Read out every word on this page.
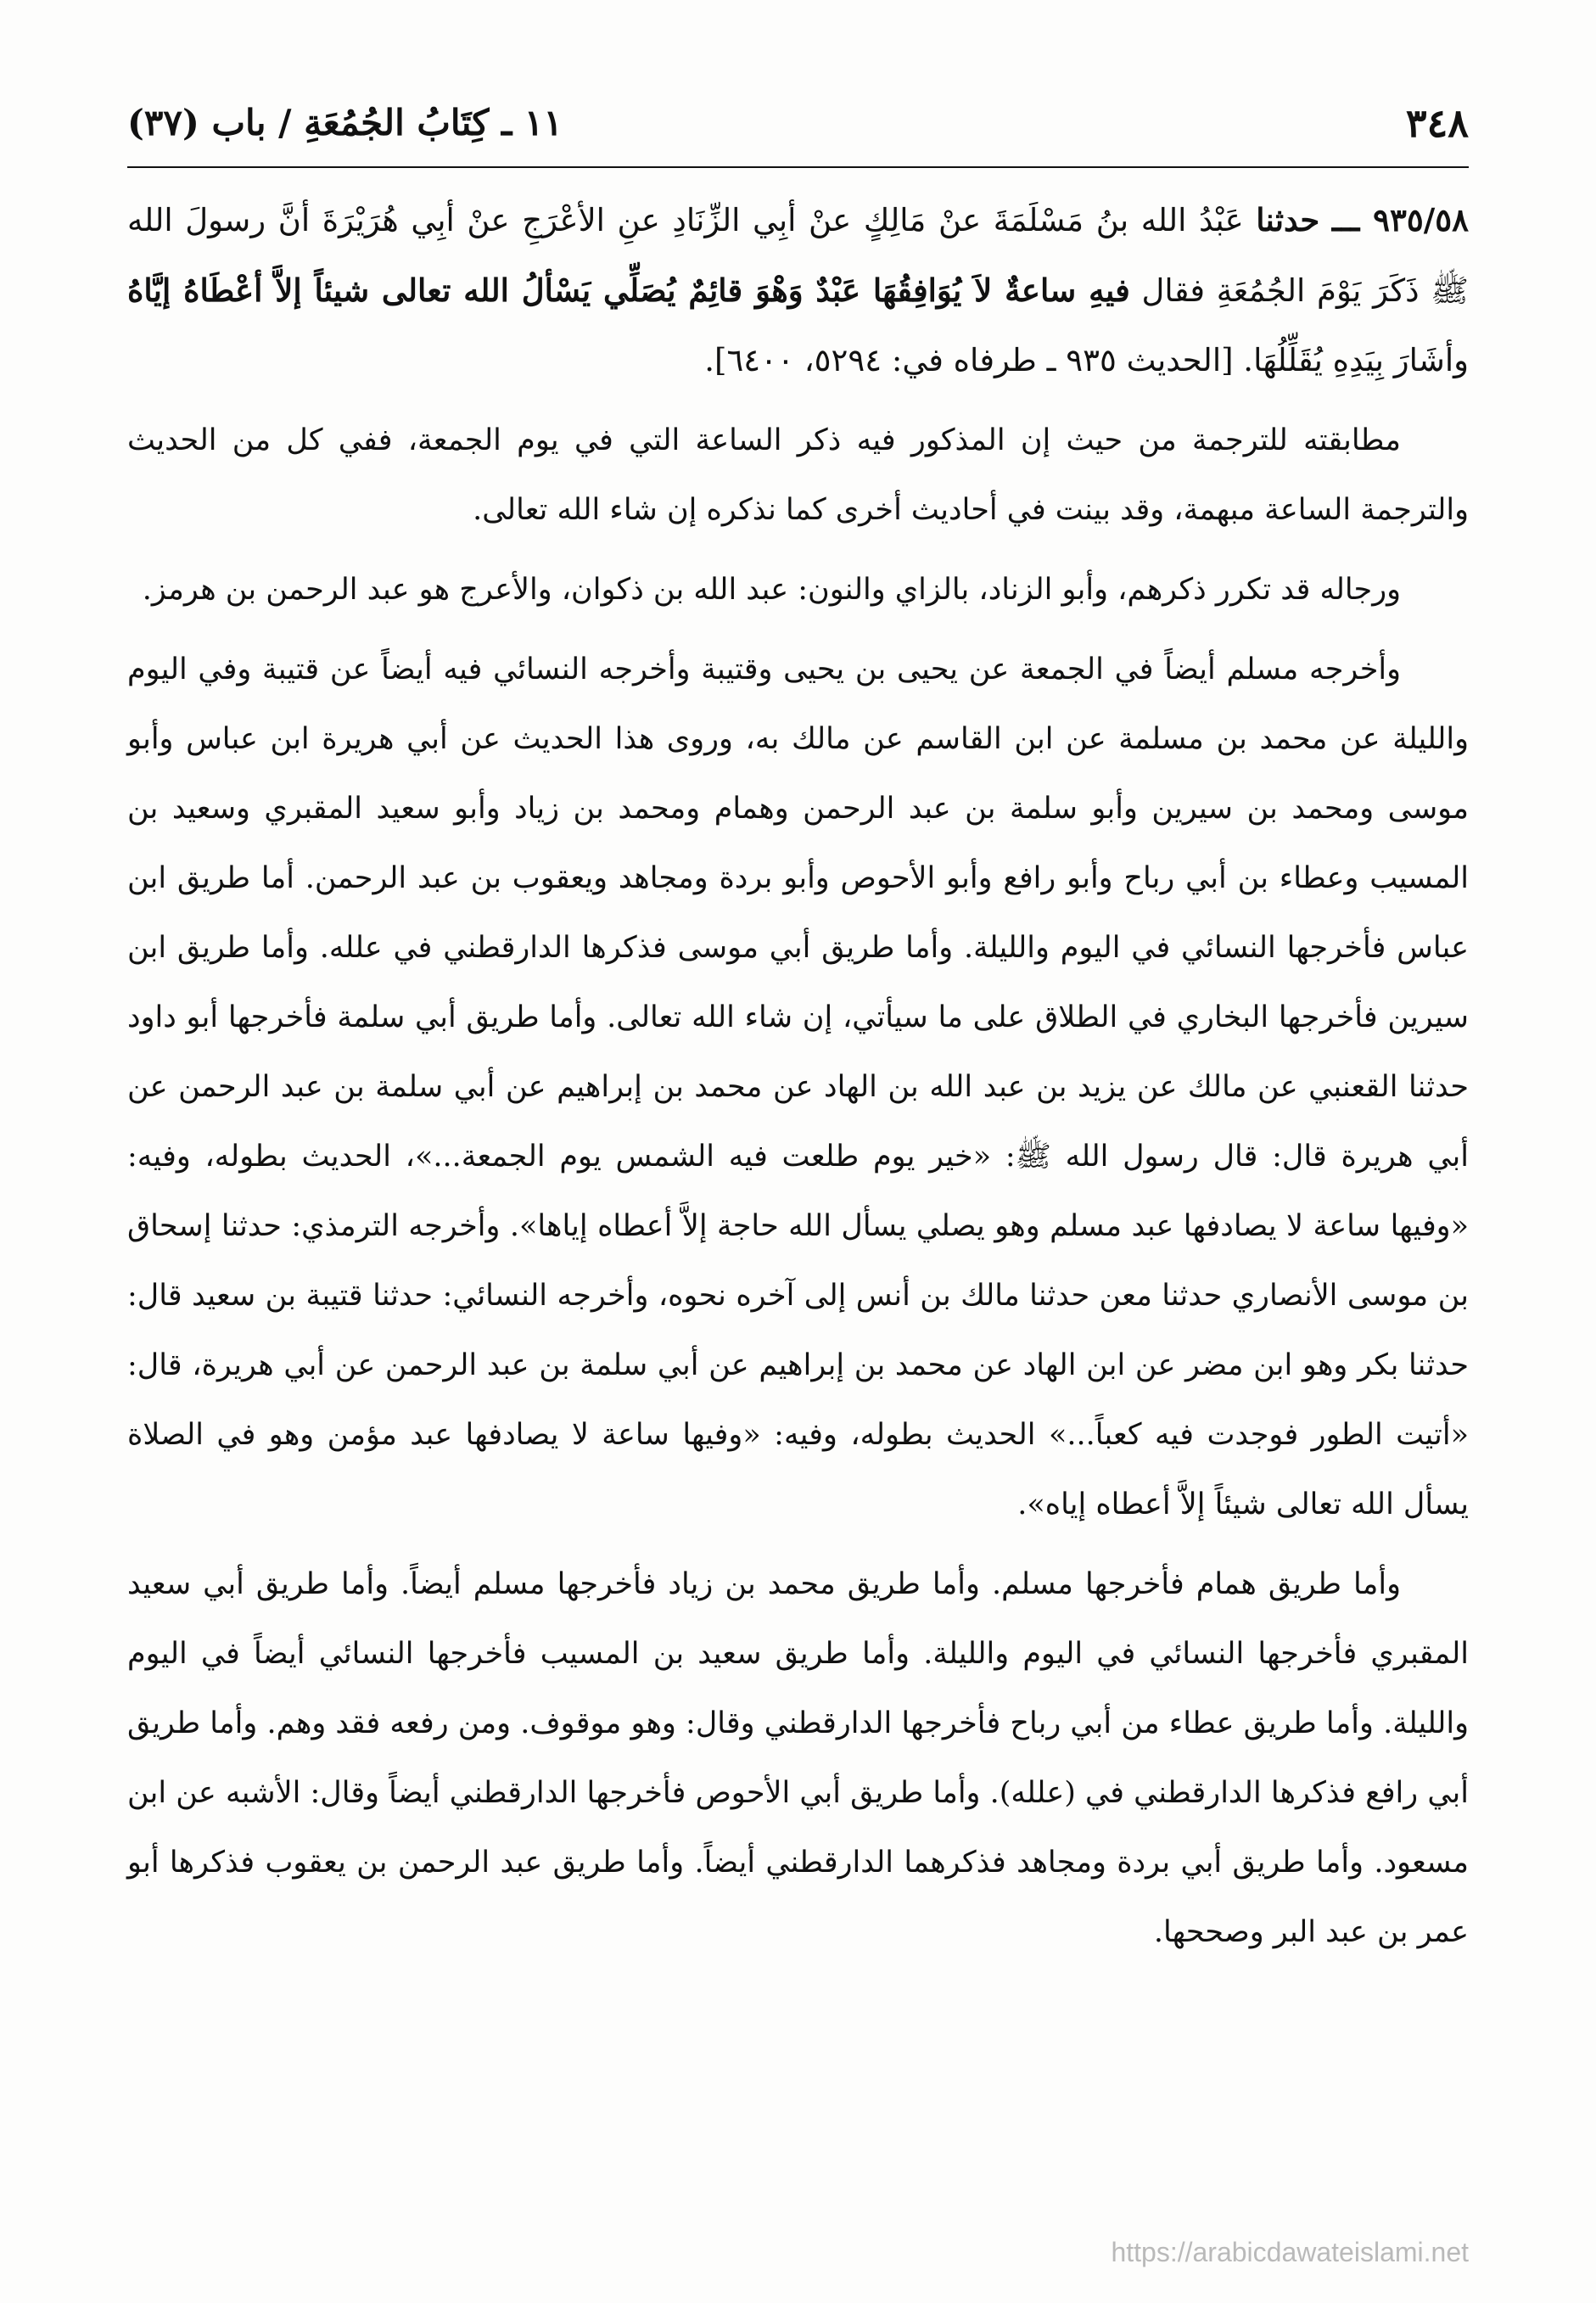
٣٤٨
١١ ـ كِتَابُ الجُمُعَةِ / باب (٣٧)

٩٣٥/٥٨ ـــ حدثنا عَبْدُ الله بنُ مَسْلَمَةَ عنْ مَالِكٍ عنْ أبِي الزِّنَادِ عنِ الأعْرَجِ عنْ أبِي هُرَيْرَةَ أنَّ رسولَ الله ﷺ ذَكَرَ يَوْمَ الجُمُعَةِ فقال فيهِ ساعةٌ لاَ يُوَافِقُهَا عَبْدٌ وَهْوَ قائِمٌ يُصَلِّي يَسْألُ الله تعالى شيئاً إلاَّ أعْطَاهُ إيَّاهُ وأشَارَ بِيَدِهِ يُقَلِّلُهَا. [الحديث ٩٣٥ ـ طرفاه في: ٥٢٩٤، ٦٤٠٠].

مطابقته للترجمة من حيث إن المذكور فيه ذكر الساعة التي في يوم الجمعة، ففي كل من الحديث والترجمة الساعة مبهمة، وقد بينت في أحاديث أخرى كما نذكره إن شاء الله تعالى.

ورجاله قد تكرر ذكرهم، وأبو الزناد، بالزاي والنون: عبد الله بن ذكوان، والأعرج هو عبد الرحمن بن هرمز.

وأخرجه مسلم أيضاً في الجمعة عن يحيى بن يحيى وقتيبة وأخرجه النسائي فيه أيضاً عن قتيبة وفي اليوم والليلة عن محمد بن مسلمة عن ابن القاسم عن مالك به، وروى هذا الحديث عن أبي هريرة ابن عباس وأبو موسى ومحمد بن سيرين وأبو سلمة بن عبد الرحمن وهمام ومحمد بن زياد وأبو سعيد المقبري وسعيد بن المسيب وعطاء بن أبي رباح وأبو رافع وأبو الأحوص وأبو بردة ومجاهد ويعقوب بن عبد الرحمن. أما طريق ابن عباس فأخرجها النسائي في اليوم والليلة. وأما طريق أبي موسى فذكرها الدارقطني في علله. وأما طريق ابن سيرين فأخرجها البخاري في الطلاق على ما سيأتي، إن شاء الله تعالى. وأما طريق أبي سلمة فأخرجها أبو داود حدثنا القعنبي عن مالك عن يزيد بن عبد الله بن الهاد عن محمد بن إبراهيم عن أبي سلمة بن عبد الرحمن عن أبي هريرة قال: قال رسول الله ﷺ: «خير يوم طلعت فيه الشمس يوم الجمعة...»، الحديث بطوله، وفيه: «وفيها ساعة لا يصادفها عبد مسلم وهو يصلي يسأل الله حاجة إلاَّ أعطاه إياها». وأخرجه الترمذي: حدثنا إسحاق بن موسى الأنصاري حدثنا معن حدثنا مالك بن أنس إلى آخره نحوه، وأخرجه النسائي: حدثنا قتيبة بن سعيد قال: حدثنا بكر وهو ابن مضر عن ابن الهاد عن محمد بن إبراهيم عن أبي سلمة بن عبد الرحمن عن أبي هريرة، قال: «أتيت الطور فوجدت فيه كعباً...» الحديث بطوله، وفيه: «وفيها ساعة لا يصادفها عبد مؤمن وهو في الصلاة يسأل الله تعالى شيئاً إلاَّ أعطاه إياه».

وأما طريق همام فأخرجها مسلم. وأما طريق محمد بن زياد فأخرجها مسلم أيضاً. وأما طريق أبي سعيد المقبري فأخرجها النسائي في اليوم والليلة. وأما طريق سعيد بن المسيب فأخرجها النسائي أيضاً في اليوم والليلة. وأما طريق عطاء من أبي رباح فأخرجها الدارقطني وقال: وهو موقوف. ومن رفعه فقد وهم. وأما طريق أبي رافع فذكرها الدارقطني في (علله). وأما طريق أبي الأحوص فأخرجها الدارقطني أيضاً وقال: الأشبه عن ابن مسعود. وأما طريق أبي بردة ومجاهد فذكرهما الدارقطني أيضاً. وأما طريق عبد الرحمن بن يعقوب فذكرها أبو عمر بن عبد البر وصححها.

https://arabicdawateislami.net
